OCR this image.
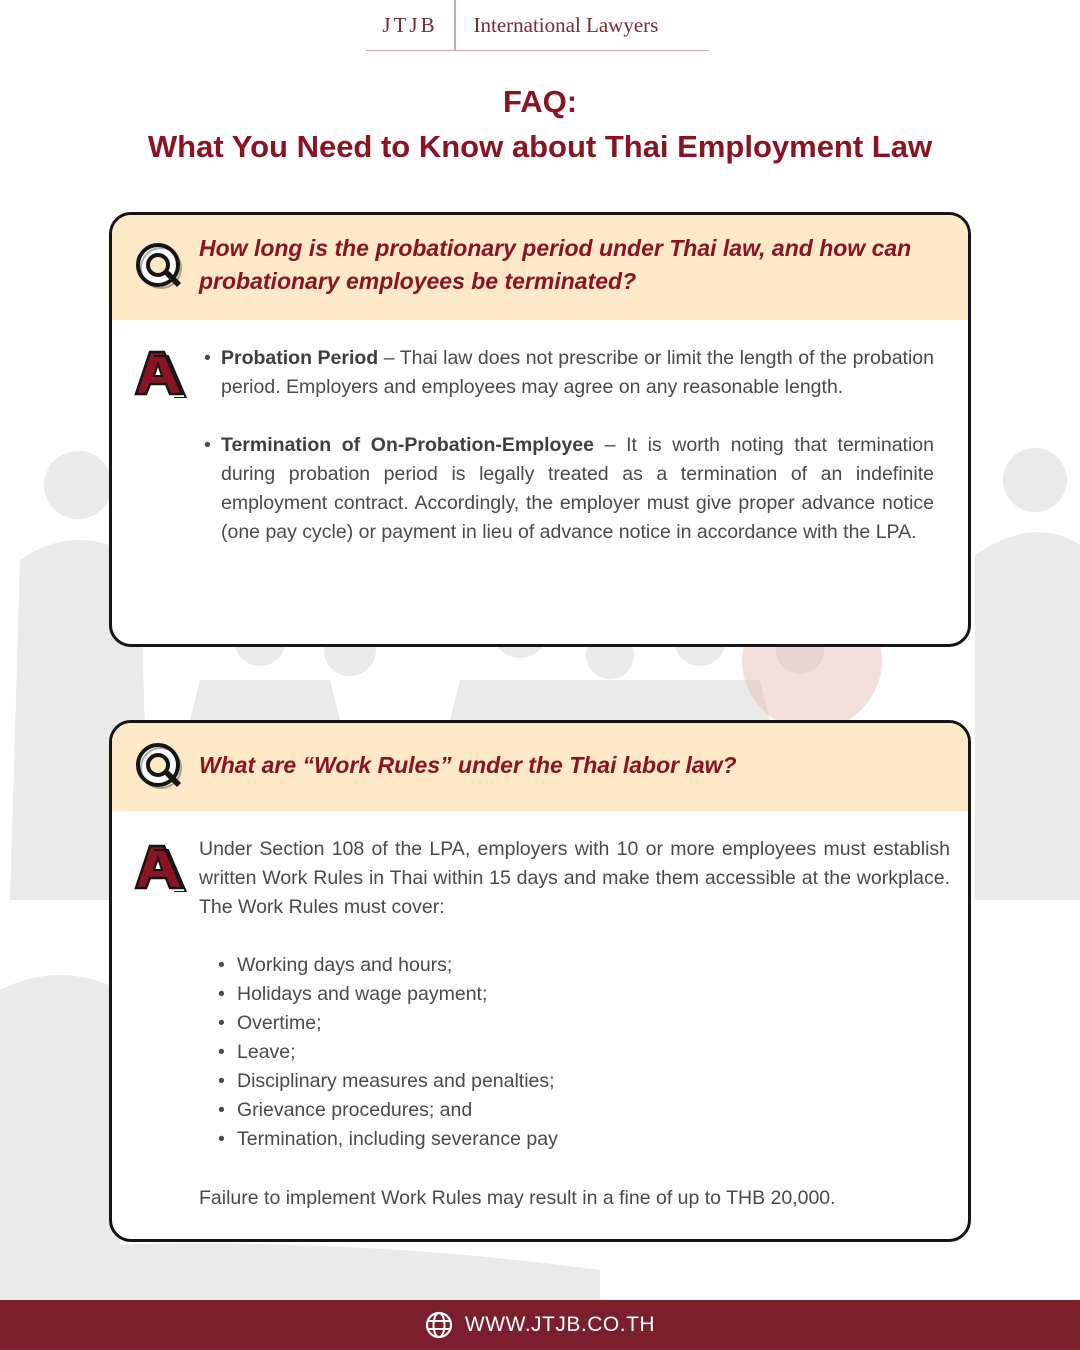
JTJB	International Lawyers
FAQ:
What You Need to Know about Thai Employment Law
How long is the probationary period under Thai law, and how can probationary employees be terminated?

• Probation Period – Thai law does not prescribe or limit the length of the probation period. Employers and employees may agree on any reasonable length.

• Termination of On-Probation-Employee – It is worth noting that termination during probation period is legally treated as a termination of an indefinite employment contract. Accordingly, the employer must give proper advance notice (one pay cycle) or payment in lieu of advance notice in accordance with the LPA.

What are “Work Rules” under the Thai labor law?

Under Section 108 of the LPA, employers with 10 or more employees must establish written Work Rules in Thai within 15 days and make them accessible at the workplace. The Work Rules must cover:

• Working days and hours;
• Holidays and wage payment;
• Overtime;
• Leave;
• Disciplinary measures and penalties;
• Grievance procedures; and
• Termination, including severance pay

Failure to implement Work Rules may result in a fine of up to THB 20,000.

WWW.JTJB.CO.TH
